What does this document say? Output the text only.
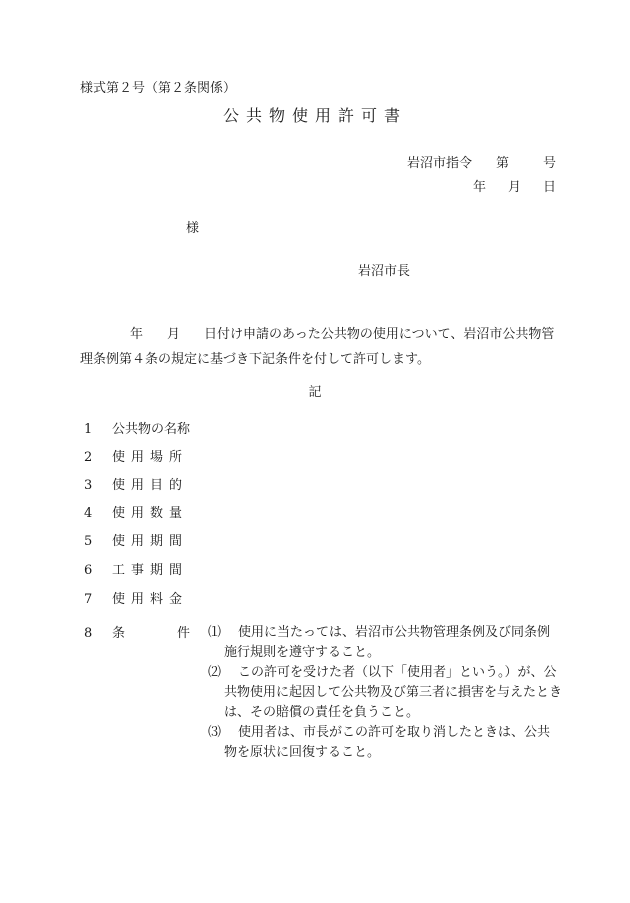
様式第２号（第２条関係）
公共物使用許可書
岩沼市指令 第	号
年 月 日
様
岩沼市長
年 月 日付け申請のあった公共物の使用について、岩沼市公共物管理条例第４条の規定に基づき下記条件を付して許可します。
記
1 公共物の名称
2 使用場所
3 使用目的
4 使用数量
5 使用期間
6 工事期間
7 使用料金
8	条	件 ⑴	使用に当たっては、岩沼市公共物管理条例及び同条例施行規則を遵守すること。
⑵	この許可を受けた者（以下「使用者」という。）が、公共物使用に起因して公共物及び第三者に損害を与えたときは、その賠償の責任を負うこと。
⑶	使用者は、市長がこの許可を取り消したときは、公共物を原状に回復すること。
